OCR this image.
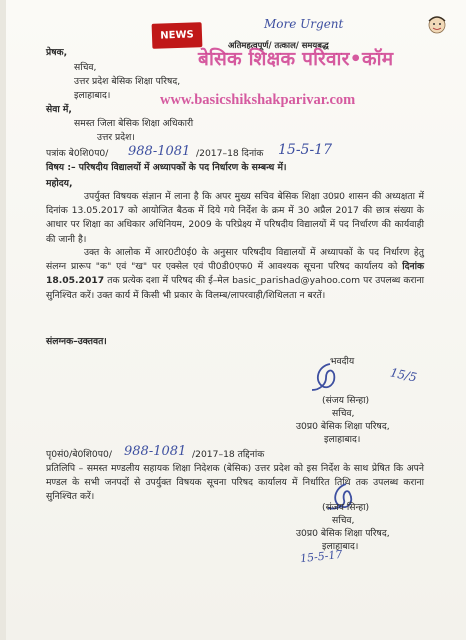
More Urgent
अतिमहत्वपूर्ण/ तत्काल/ समयबद्ध
NEWS
बेसिक शिक्षक परिवार•कॉम
www.basicshikshakparivar.com
प्रेषक,
सचिव,
उत्तर प्रदेश बेसिक शिक्षा परिषद,
इलाहाबाद।
सेवा में,
समस्त जिला बेसिक शिक्षा अधिकारी
उत्तर प्रदेश।
पत्रांक बे0शि0प0/ 988-1081 /2017–18 दिनांक 15-5-17
विषय :– परिषदीय विद्यालयों में अध्यापकों के पद निर्धारण के सम्बन्ध में।
महोदय,
उपर्युक्त विषयक संज्ञान में लाना है कि अपर मुख्य सचिव बेसिक शिक्षा उ0प्र0 शासन की अध्यक्षता में दिनांक 13.05.2017 को आयोजित बैठक में दिये गये निर्देश के क्रम में 30 अप्रैल 2017 की छात्र संख्या के आधार पर शिक्षा का अधिकार अधिनियम, 2009 के परिप्रेक्ष्य में परिषदीय विद्यालयों में पद निर्धारण की कार्यवाही की जानी है।
उक्त के आलोक में आर0टी0ई0 के अनुसार परिषदीय विद्यालयों में अध्यापकों के पद निर्धारण हेतु संलग्न प्रारूप "क" एवं "ख" पर एक्सेल एवं पी0डी0एफ0 में आवश्यक सूचना परिषद कार्यालय को दिनांक 18.05.2017 तक प्रत्येक दशा में परिषद की ई–मेल basic_parishad@yahoo.com पर उपलब्ध कराना सुनिश्चित करें। उक्त कार्य में किसी भी प्रकार के विलम्ब/लापरवाही/शिथिलता न बरतें।
संलग्नक–उक्तवत।
भवदीय
(संजय सिन्हा)
सचिव,
उ0प्र0 बेसिक शिक्षा परिषद,
इलाहाबाद।
15/5
पृ0सं0/बे0शि0प0/ 988-1081 /2017–18 तद्दिनांक
प्रतिलिपि – समस्त मण्डलीय सहायक शिक्षा निदेशक (बेसिक) उत्तर प्रदेश को इस निर्देश के साथ प्रेषित कि अपने मण्डल के सभी जनपदों से उपर्युक्त विषयक सूचना परिषद कार्यालय में निर्धारित तिथि तक उपलब्ध कराना सुनिश्चित करें।
(संजय सिन्हा)
सचिव,
उ0प्र0 बेसिक शिक्षा परिषद,
इलाहाबाद।
15-5-17
